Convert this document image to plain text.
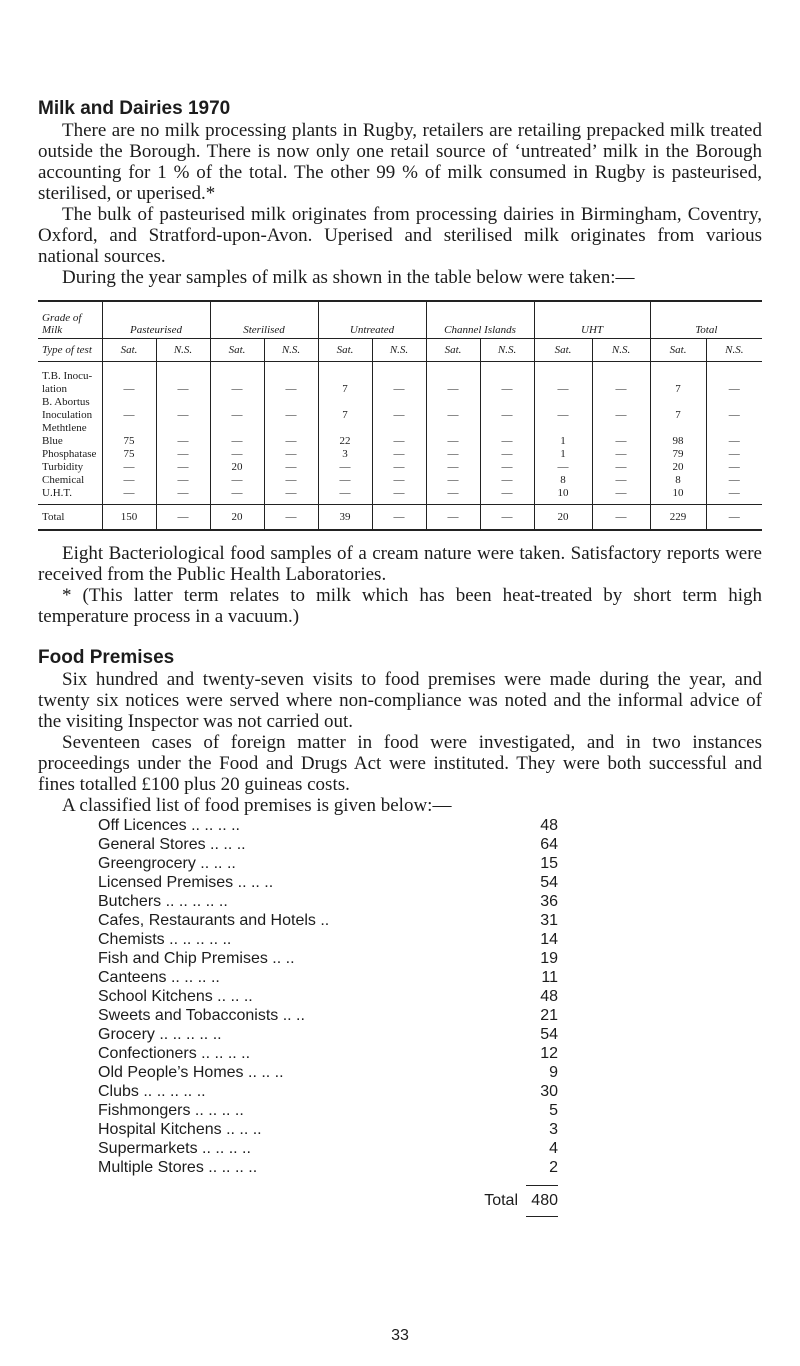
Milk and Dairies 1970

There are no milk processing plants in Rugby, retailers are retailing prepacked milk treated outside the Borough. There is now only one retail source of ‘untreated’ milk in the Borough accounting for 1 % of the total. The other 99 % of milk consumed in Rugby is pasteurised, sterilised, or uperised.*

The bulk of pasteurised milk originates from processing dairies in Birmingham, Coventry, Oxford, and Stratford-upon-Avon. Uperised and sterilised milk originates from various national sources.

During the year samples of milk as shown in the table below were taken:—

Grade of Milk	Pasteurised		Sterilised		Untreated		Channel Islands		UHT		Total	
Type of test	Sat.	N.S.	Sat.	N.S.	Sat.	N.S.	Sat.	N.S.	Sat.	N.S.	Sat.	N.S.
T.B. Inocu-												
lation	—	—	—	—	7	—	—	—	—	—	7	—
B. Abortus												
Inoculation	—	—	—	—	7	—	—	—	—	—	7	—
Methtlene												
Blue	75	—	—	—	22	—	—	—	1	—	98	—
Phosphatase	75	—	—	—	3	—	—	—	1	—	79	—
Turbidity	—	—	20	—	—	—	—	—	—	—	20	—
Chemical	—	—	—	—	—	—	—	—	8	—	8	—
U.H.T.	—	—	—	—	—	—	—	—	10	—	10	—
Total	150	—	20	—	39	—	—	—	20	—	229	—

Eight Bacteriological food samples of a cream nature were taken. Satisfactory reports were received from the Public Health Laboratories.

* (This latter term relates to milk which has been heat-treated by short term high temperature process in a vacuum.)

Food Premises

Six hundred and twenty-seven visits to food premises were made during the year, and twenty six notices were served where non-compliance was noted and the informal advice of the visiting Inspector was not carried out.

Seventeen cases of foreign matter in food were investigated, and in two instances proceedings under the Food and Drugs Act were instituted. They were both successful and fines totalled £100 plus 20 guineas costs.

A classified list of food premises is given below:—

Off Licences .. .. .. ..	48
General Stores .. .. ..	64
Greengrocery .. .. ..	15
Licensed Premises .. .. ..	54
Butchers .. .. .. .. ..	36
Cafes, Restaurants and Hotels ..	31
Chemists .. .. .. .. ..	14
Fish and Chip Premises .. ..	19
Canteens .. .. .. ..	11
School Kitchens .. .. ..	48
Sweets and Tobacconists .. ..	21
Grocery .. .. .. .. ..	54
Confectioners .. .. .. ..	12
Old People’s Homes .. .. ..	9
Clubs .. .. .. .. ..	30
Fishmongers .. .. .. ..	5
Hospital Kitchens .. .. ..	3
Supermarkets .. .. .. ..	4
Multiple Stores .. .. .. ..	2
Total 480
33
